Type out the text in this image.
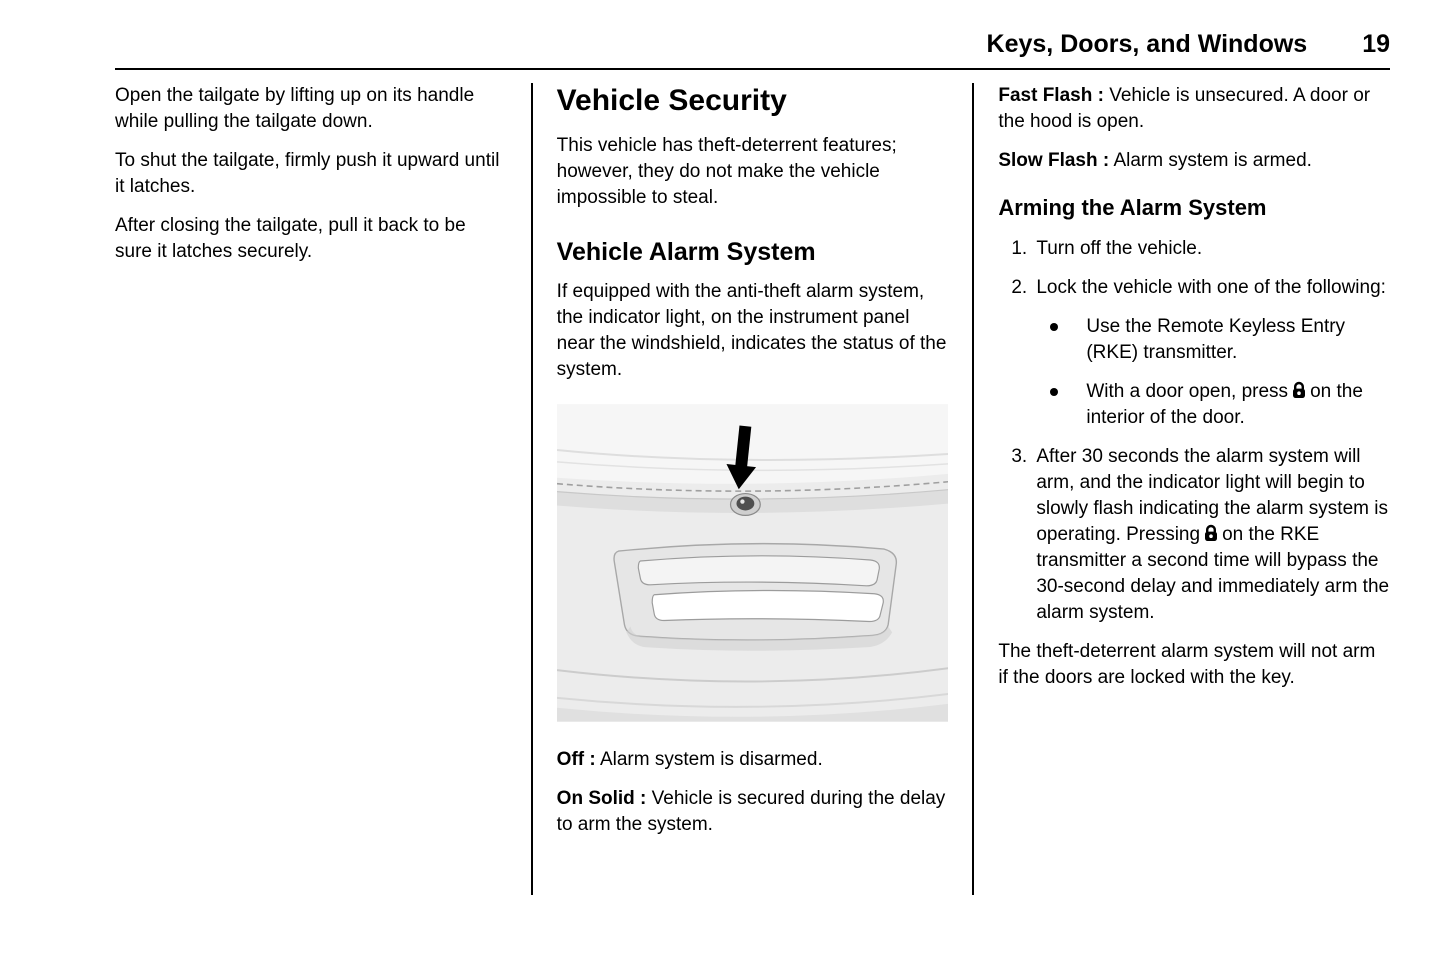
Keys, Doors, and Windows 19

Open the tailgate by lifting up on its handle while pulling the tailgate down.

To shut the tailgate, firmly push it upward until it latches.

After closing the tailgate, pull it back to be sure it latches securely.

Vehicle Security

This vehicle has theft-deterrent features; however, they do not make the vehicle impossible to steal.

Vehicle Alarm System

If equipped with the anti-theft alarm system, the indicator light, on the instrument panel near the windshield, indicates the status of the system.

Off : Alarm system is disarmed.

On Solid : Vehicle is secured during the delay to arm the system.

Fast Flash : Vehicle is unsecured. A door or the hood is open.

Slow Flash : Alarm system is armed.

Arming the Alarm System
1. Turn off the vehicle.
2. Lock the vehicle with one of the following:
Use the Remote Keyless Entry (RKE) transmitter.
With a door open, press on the interior of the door.
3. After 30 seconds the alarm system will arm, and the indicator light will begin to slowly flash indicating the alarm system is operating. Pressing on the RKE transmitter a second time will bypass the 30-second delay and immediately arm the alarm system.

The theft-deterrent alarm system will not arm if the doors are locked with the key.
